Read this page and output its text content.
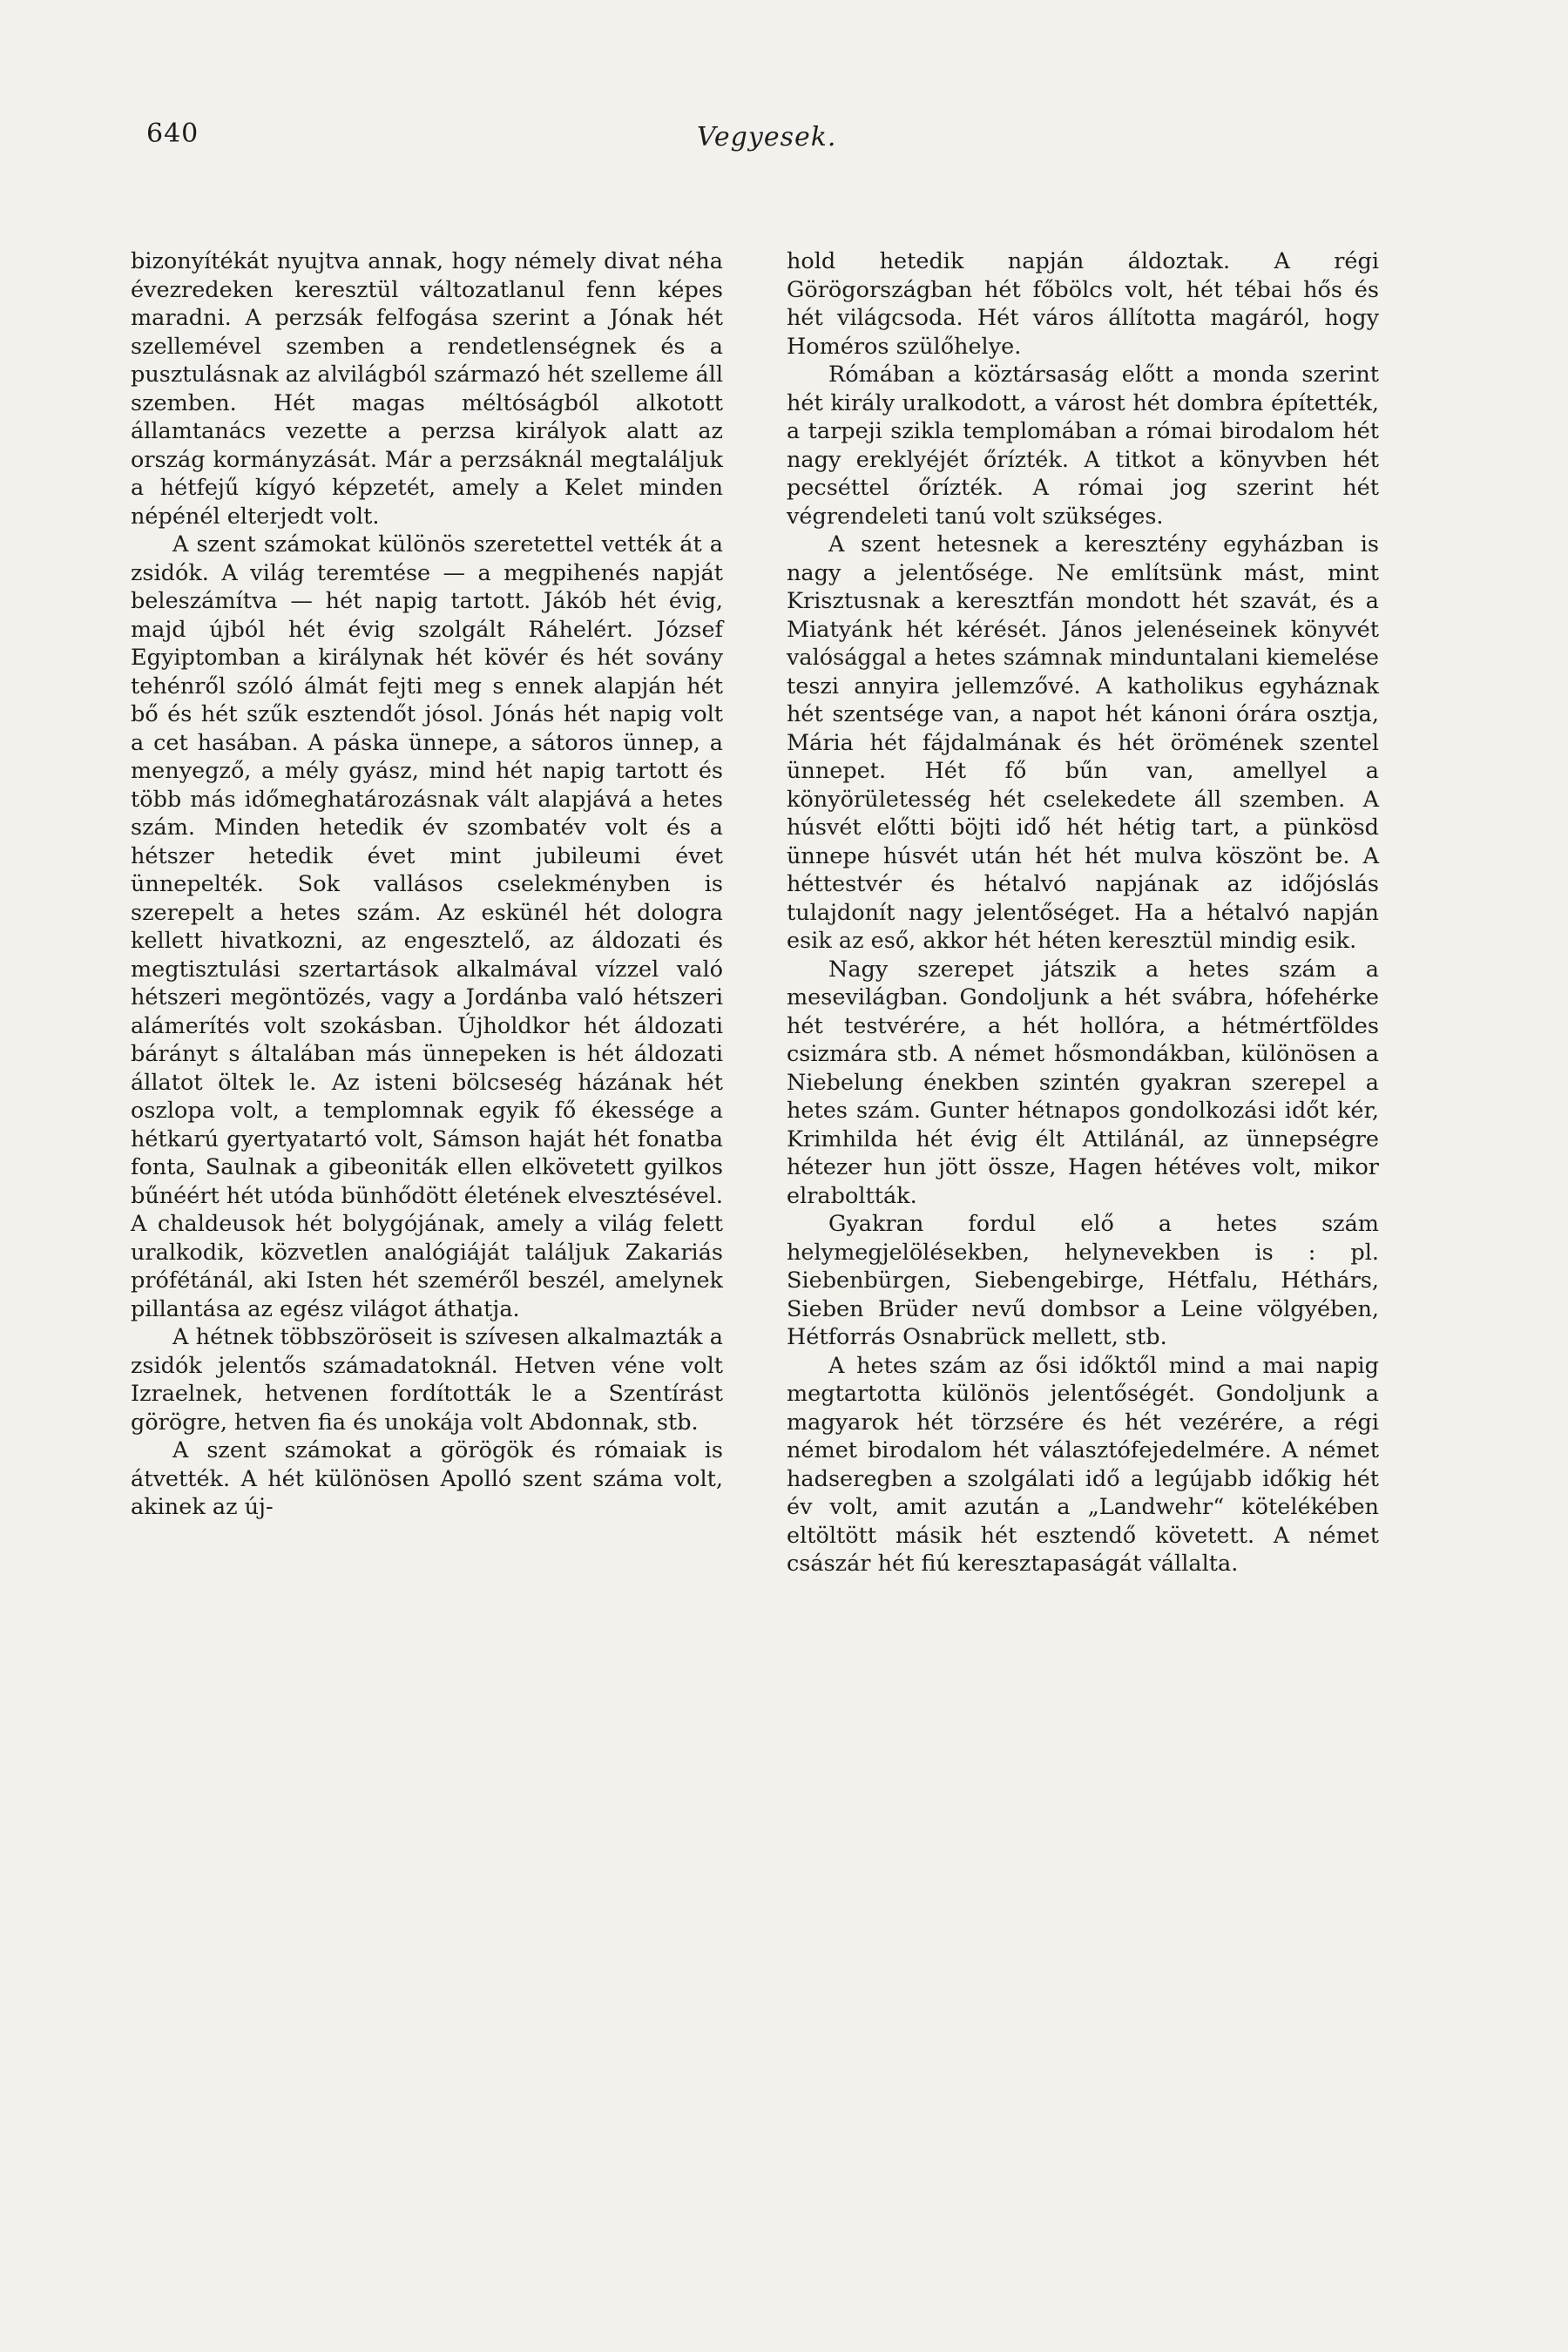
640	Vegyesek.

bizonyítékát nyujtva annak, hogy némely divat néha évezredeken keresztül változatlanul fenn képes maradni. A perzsák felfogása szerint a Jónak hét szellemével szemben a rendetlenségnek és a pusztulásnak az alvilágból származó hét szelleme áll szemben. Hét magas méltóságból alkotott államtanács vezette a perzsa királyok alatt az ország kormányzását. Már a perzsáknál megtaláljuk a hétfejű kígyó képzetét, amely a Kelet minden népénél elterjedt volt.

A szent számokat különös szeretettel vették át a zsidók. A világ teremtése — a megpihenés napját beleszámítva — hét napig tartott. Jákób hét évig, majd újból hét évig szolgált Ráhelért. József Egyiptomban a királynak hét kövér és hét sovány tehénről szóló álmát fejti meg s ennek alapján hét bő és hét szűk esztendőt jósol. Jónás hét napig volt a cet hasában. A páska ünnepe, a sátoros ünnep, a menyegző, a mély gyász, mind hét napig tartott és több más időmeghatározásnak vált alapjává a hetes szám. Minden hetedik év szombatév volt és a hétszer hetedik évet mint jubileumi évet ünnepelték. Sok vallásos cselekményben is szerepelt a hetes szám. Az eskünél hét dologra kellett hivatkozni, az engesztelő, az áldozati és megtisztulási szertartások alkalmával vízzel való hétszeri megöntözés, vagy a Jordánba való hétszeri alámerítés volt szokásban. Újholdkor hét áldozati bárányt s általában más ünnepeken is hét áldozati állatot öltek le. Az isteni bölcseség házának hét oszlopa volt, a templomnak egyik fő ékessége a hétkarú gyertyatartó volt, Sámson haját hét fonatba fonta, Saulnak a gibeoniták ellen elkövetett gyilkos bűnéért hét utóda bünhődött életének elvesztésével. A chaldeusok hét bolygójának, amely a világ felett uralkodik, közvetlen analógiáját találjuk Zakariás prófétánál, aki Isten hét szeméről beszél, amelynek pillantása az egész világot áthatja.

A hétnek többszöröseit is szívesen alkalmazták a zsidók jelentős számadatoknál. Hetven véne volt Izraelnek, hetvenen fordították le a Szentírást görögre, hetven fia és unokája volt Abdonnak, stb.

A szent számokat a görögök és rómaiak is átvették. A hét különösen Apolló szent száma volt, akinek az új-

hold hetedik napján áldoztak. A régi Görögországban hét főbölcs volt, hét tébai hős és hét világcsoda. Hét város állította magáról, hogy Homéros szülőhelye.

Rómában a köztársaság előtt a monda szerint hét király uralkodott, a várost hét dombra építették, a tarpeji szikla templomában a római birodalom hét nagy ereklyéjét őrízték. A titkot a könyvben hét pecséttel őrízték. A római jog szerint hét végrendeleti tanú volt szükséges.

A szent hetesnek a keresztény egyházban is nagy a jelentősége. Ne említsünk mást, mint Krisztusnak a keresztfán mondott hét szavát, és a Miatyánk hét kérését. János jelenéseinek könyvét valósággal a hetes számnak minduntalani kiemelése teszi annyira jellemzővé. A katholikus egyháznak hét szentsége van, a napot hét kánoni órára osztja, Mária hét fájdalmának és hét örömének szentel ünnepet. Hét fő bűn van, amellyel a könyörületesség hét cselekedete áll szemben. A húsvét előtti böjti idő hét hétig tart, a pünkösd ünnepe húsvét után hét hét mulva köszönt be. A héttestvér és hétalvó napjának az időjóslás tulajdonít nagy jelentőséget. Ha a hétalvó napján esik az eső, akkor hét héten keresztül mindig esik.

Nagy szerepet játszik a hetes szám a mesevilágban. Gondoljunk a hét svábra, hófehérke hét testvérére, a hét hollóra, a hétmértföldes csizmára stb. A német hősmondákban, különösen a Niebelung énekben szintén gyakran szerepel a hetes szám. Gunter hétnapos gondolkozási időt kér, Krimhilda hét évig élt Attilánál, az ünnepségre hétezer hun jött össze, Hagen hétéves volt, mikor elraboltták.

Gyakran fordul elő a hetes szám helymegjelölésekben, helynevekben is : pl. Siebenbürgen, Siebengebirge, Hétfalu, Héthárs, Sieben Brüder nevű dombsor a Leine völgyében, Hétforrás Osnabrück mellett, stb.

A hetes szám az ősi időktől mind a mai napig megtartotta különös jelentőségét. Gondoljunk a magyarok hét törzsére és hét vezérére, a régi német birodalom hét választófejedelmére. A német hadseregben a szolgálati idő a legújabb időkig hét év volt, amit azután a „Landwehr“ kötelékében eltöltött másik hét esztendő követett. A német császár hét fiú keresztapaságát vállalta.
